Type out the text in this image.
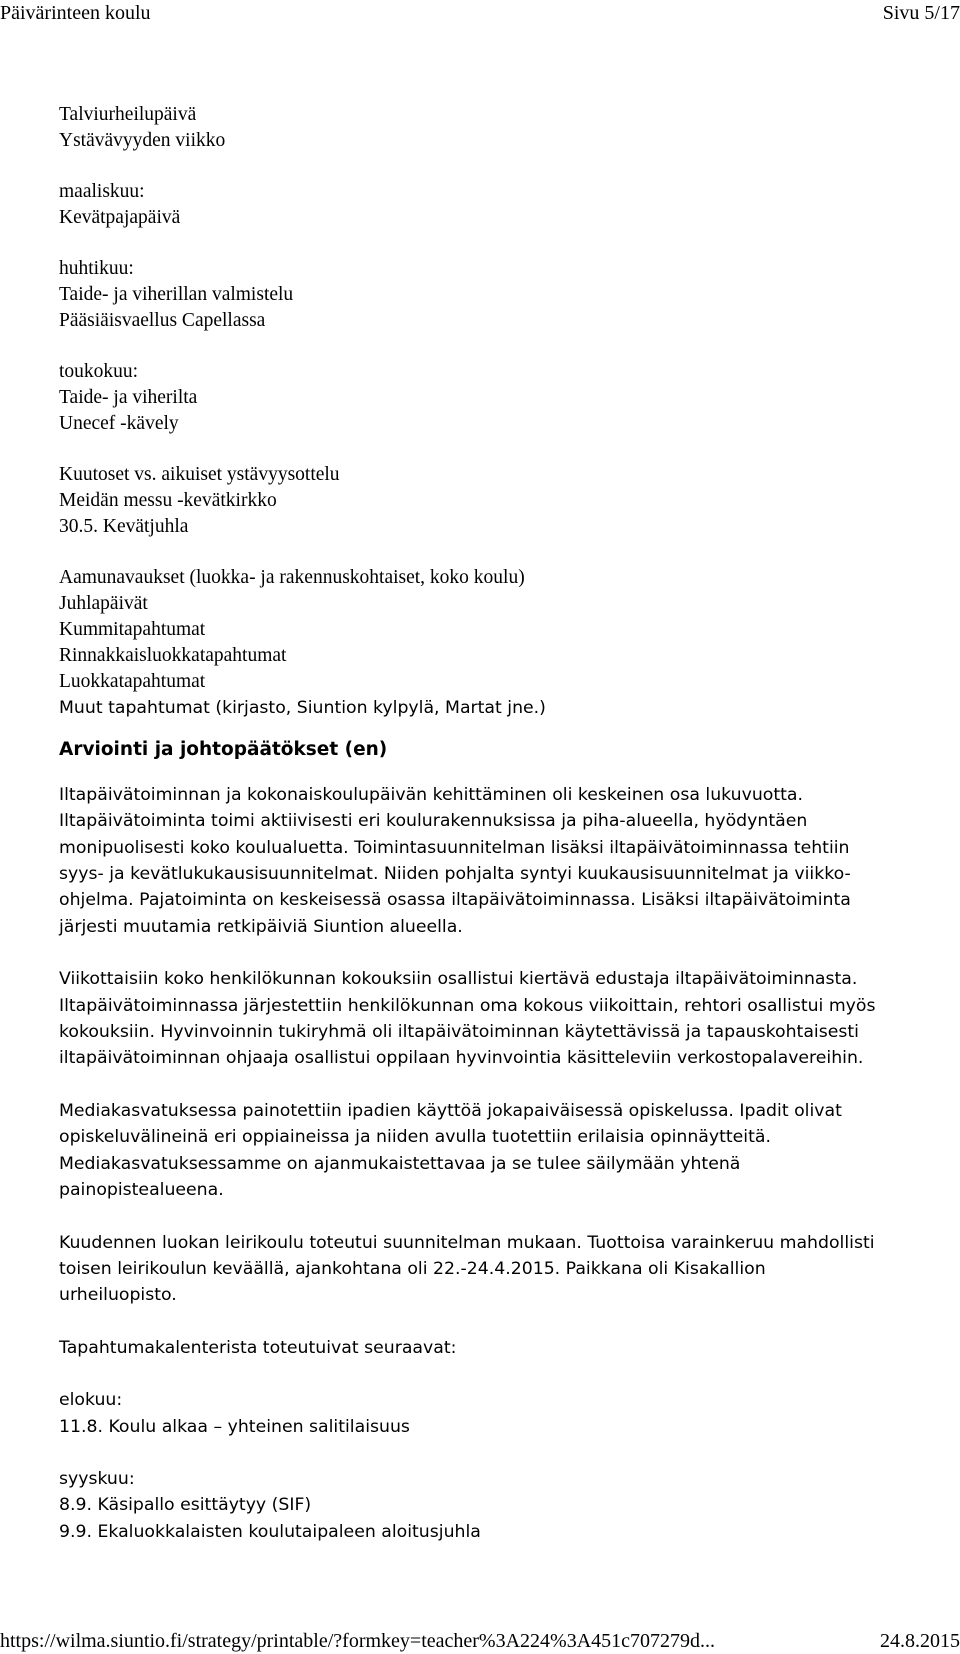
Päivärinteen koulu	Sivu 5/17
Talviurheilupäivä
Ystävävyyden viikko
maaliskuu:
Kevätpajapäivä
huhtikuu:
Taide- ja viherillan valmistelu
Pääsiäisvaellus Capellassa
toukokuu:
Taide- ja viherilta
Unecef -kävely
Kuutoset vs. aikuiset ystävyysottelu
Meidän messu -kevätkirkko
30.5. Kevätjuhla
Aamunavaukset (luokka- ja rakennuskohtaiset, koko koulu)
Juhlapäivät
Kummitapahtumat
Rinnakkaisluokkatapahtumat
Luokkatapahtumat
Muut tapahtumat (kirjasto, Siuntion kylpylä, Martat jne.)
Arviointi ja johtopäätökset (en)
Iltapäivätoiminnan ja kokonaiskoulupäivän kehittäminen oli keskeinen osa lukuvuotta.
Iltapäivätoiminta toimi aktiivisesti eri koulurakennuksissa ja piha-alueella, hyödyntäen
monipuolisesti koko koulualuetta. Toimintasuunnitelman lisäksi iltapäivätoiminnassa tehtiin
syys- ja kevätlukukausisuunnitelmat. Niiden pohjalta syntyi kuukausisuunnitelmat ja viikko-
ohjelma. Pajatoiminta on keskeisessä osassa iltapäivätoiminnassa. Lisäksi iltapäivätoiminta
järjesti muutamia retkipäiviä Siuntion alueella.
Viikottaisiin koko henkilökunnan kokouksiin osallistui kiertävä edustaja iltapäivätoiminnasta.
Iltapäivätoiminnassa järjestettiin henkilökunnan oma kokous viikoittain, rehtori osallistui myös
kokouksiin. Hyvinvoinnin tukiryhmä oli iltapäivätoiminnan käytettävissä ja tapauskohtaisesti
iltapäivätoiminnan ohjaaja osallistui oppilaan hyvinvointia käsitteleviin verkostopalavereihin.
Mediakasvatuksessa painotettiin ipadien käyttöä jokapaiväisessä opiskelussa. Ipadit olivat
opiskeluvälineinä eri oppiaineissa ja niiden avulla tuotettiin erilaisia opinnäytteitä.
Mediakasvatuksessamme on ajanmukaistettavaa ja se tulee säilymään yhtenä
painopistealueena.
Kuudennen luokan leirikoulu toteutui suunnitelman mukaan. Tuottoisa varainkeruu mahdollisti
toisen leirikoulun keväällä, ajankohtana oli 22.-24.4.2015. Paikkana oli Kisakallion
urheiluopisto.
Tapahtumakalenterista toteutuivat seuraavat:
elokuu:
11.8. Koulu alkaa – yhteinen salitilaisuus
syyskuu:
8.9. Käsipallo esittäytyy (SIF)
9.9. Ekaluokkalaisten koulutaipaleen aloitusjuhla
https://wilma.siuntio.fi/strategy/printable/?formkey=teacher%3A224%3A451c707279d...	24.8.2015
